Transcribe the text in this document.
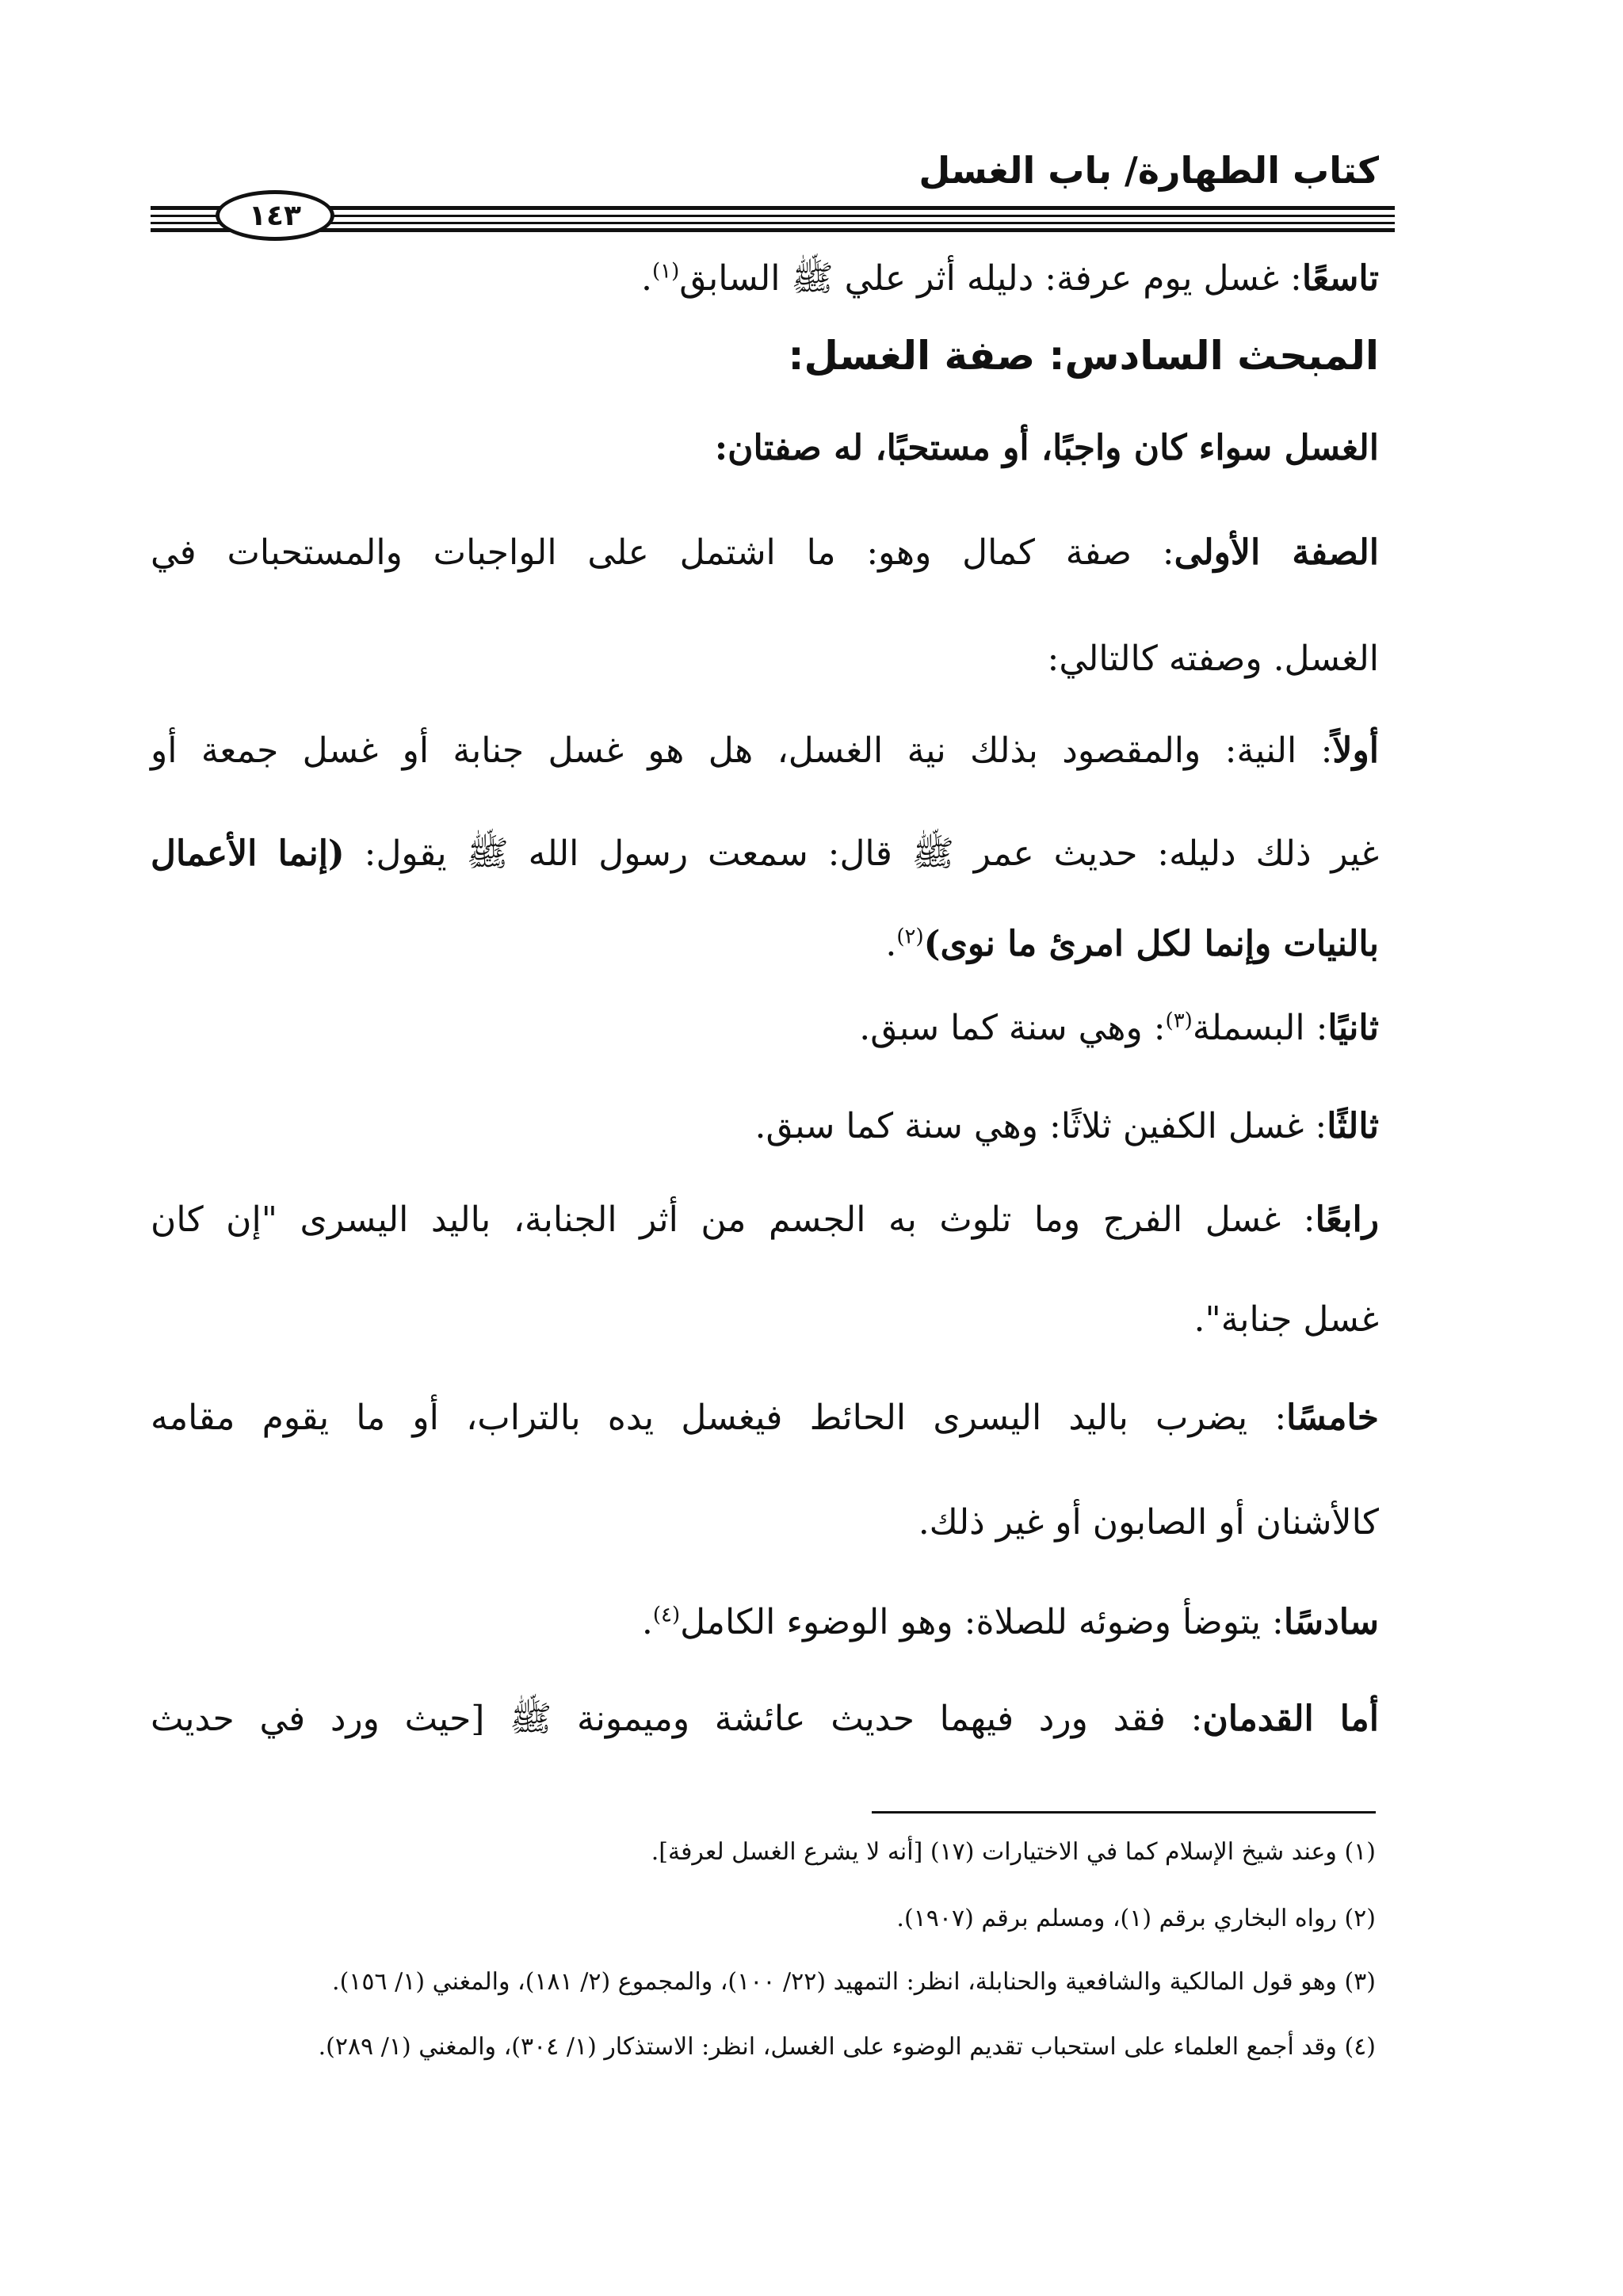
كتاب الطهارة/ باب الغسل
١٤٣
تاسعًا: غسل يوم عرفة: دليله أثر علي ﷺ السابق$^{(١)}$.
المبحث السادس: صفة الغسل:
الغسل سواء كان واجبًا، أو مستحبًا، له صفتان:
الصفة الأولى: صفة كمال وهو: ما اشتمل على الواجبات والمستحبات في
الغسل. وصفته كالتالي:
أولاً: النية: والمقصود بذلك نية الغسل، هل هو غسل جنابة أو غسل جمعة أو
غير ذلك دليله: حديث عمر ﷺ قال: سمعت رسول الله ﷺ يقول: (إنما الأعمال
بالنيات وإنما لكل امرئ ما نوى)$^{(٢)}$.
ثانيًا: البسملة$^{(٣)}$: وهي سنة كما سبق.
ثالثًا: غسل الكفين ثلاثًا: وهي سنة كما سبق.
رابعًا: غسل الفرج وما تلوث به الجسم من أثر الجنابة، باليد اليسرى "إن كان
غسل جنابة".
خامسًا: يضرب باليد اليسرى الحائط فيغسل يده بالتراب، أو ما يقوم مقامه
كالأشنان أو الصابون أو غير ذلك.
سادسًا: يتوضأ وضوئه للصلاة: وهو الوضوء الكامل$^{(٤)}$.
أما القدمان: فقد ورد فيهما حديث عائشة وميمونة ﷺ [حيث ورد في حديث
(١) وعند شيخ الإسلام كما في الاختيارات (١٧) [أنه لا يشرع الغسل لعرفة].
(٢) رواه البخاري برقم (١)، ومسلم برقم (١٩٠٧).
(٣) وهو قول المالكية والشافعية والحنابلة، انظر: التمهيد (٢٢/ ١٠٠)، والمجموع (٢/ ١٨١)، والمغني (١/ ١٥٦).
(٤) وقد أجمع العلماء على استحباب تقديم الوضوء على الغسل، انظر: الاستذكار (١/ ٣٠٤)، والمغني (١/ ٢٨٩).
